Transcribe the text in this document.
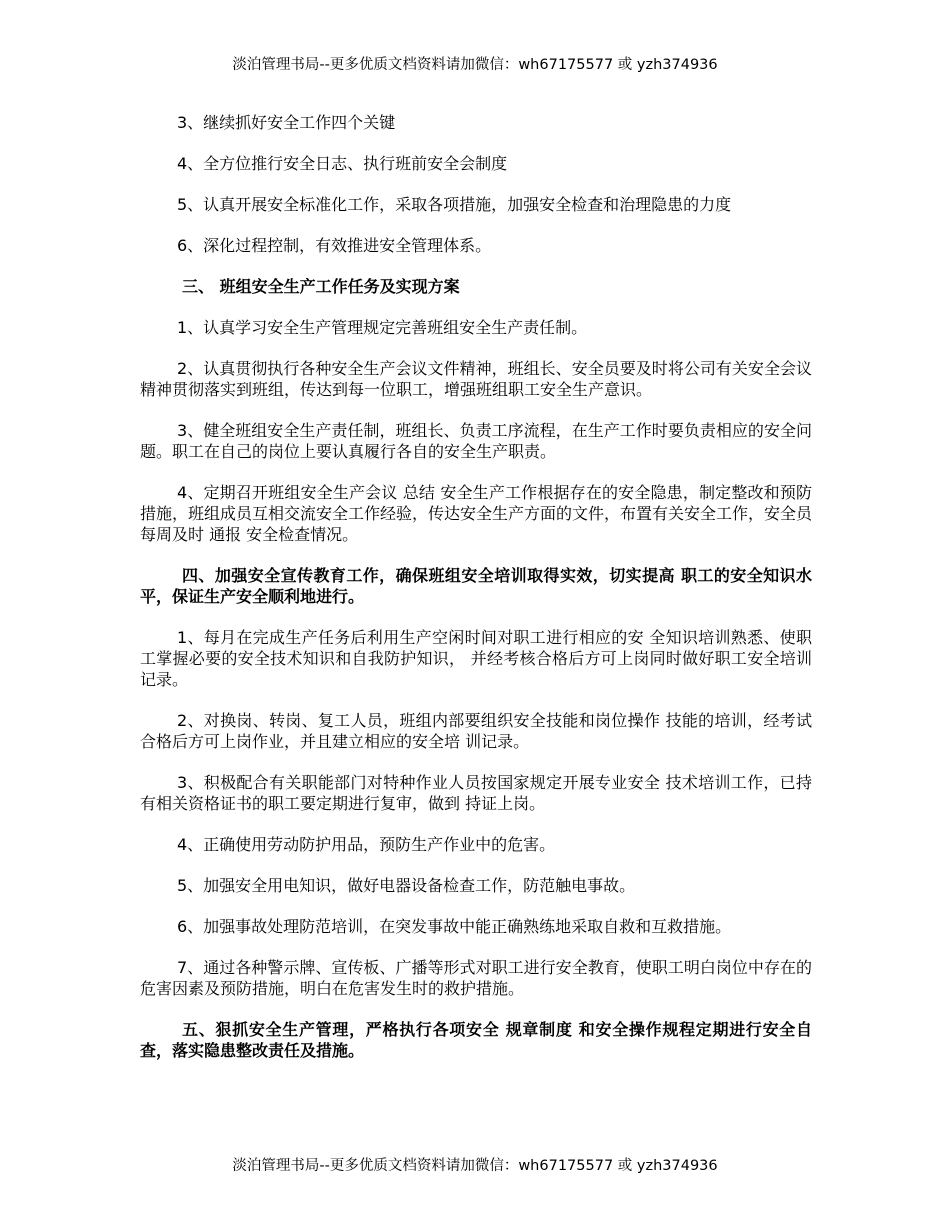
淡泊管理书局--更多优质文档资料请加微信：wh67175577 或 yzh374936

3、继续抓好安全工作四个关键

4、全方位推行安全日志、执行班前安全会制度

5、认真开展安全标准化工作，采取各项措施，加强安全检查和治理隐患的力度

6、深化过程控制，有效推进安全管理体系。

三、 班组安全生产工作任务及实现方案

1、认真学习安全生产管理规定完善班组安全生产责任制。

2、认真贯彻执行各种安全生产会议文件精神，班组长、安全员要及时将公司有关安全会议精神贯彻落实到班组，传达到每一位职工，增强班组职工安全生产意识。

3、健全班组安全生产责任制，班组长、负责工序流程，在生产工作时要负责相应的安全问题。职工在自己的岗位上要认真履行各自的安全生产职责。

4、定期召开班组安全生产会议 总结 安全生产工作根据存在的安全隐患，制定整改和预防措施，班组成员互相交流安全工作经验，传达安全生产方面的文件，布置有关安全工作，安全员每周及时 通报 安全检查情况。

四、加强安全宣传教育工作，确保班组安全培训取得实效，切实提高 职工的安全知识水平，保证生产安全顺利地进行。

1、每月在完成生产任务后利用生产空闲时间对职工进行相应的安 全知识培训熟悉、使职工掌握必要的安全技术知识和自我防护知识， 并经考核合格后方可上岗同时做好职工安全培训记录。

2、对换岗、转岗、复工人员，班组内部要组织安全技能和岗位操作 技能的培训，经考试合格后方可上岗作业，并且建立相应的安全培 训记录。

3、积极配合有关职能部门对特种作业人员按国家规定开展专业安全 技术培训工作，已持有相关资格证书的职工要定期进行复审，做到 持证上岗。

4、正确使用劳动防护用品，预防生产作业中的危害。

5、加强安全用电知识，做好电器设备检查工作，防范触电事故。

6、加强事故处理防范培训，在突发事故中能正确熟练地采取自救和互救措施。

7、通过各种警示牌、宣传板、广播等形式对职工进行安全教育，使职工明白岗位中存在的危害因素及预防措施，明白在危害发生时的救护措施。

五、狠抓安全生产管理，严格执行各项安全 规章制度 和安全操作规程定期进行安全自查，落实隐患整改责任及措施。

淡泊管理书局--更多优质文档资料请加微信：wh67175577 或 yzh374936
